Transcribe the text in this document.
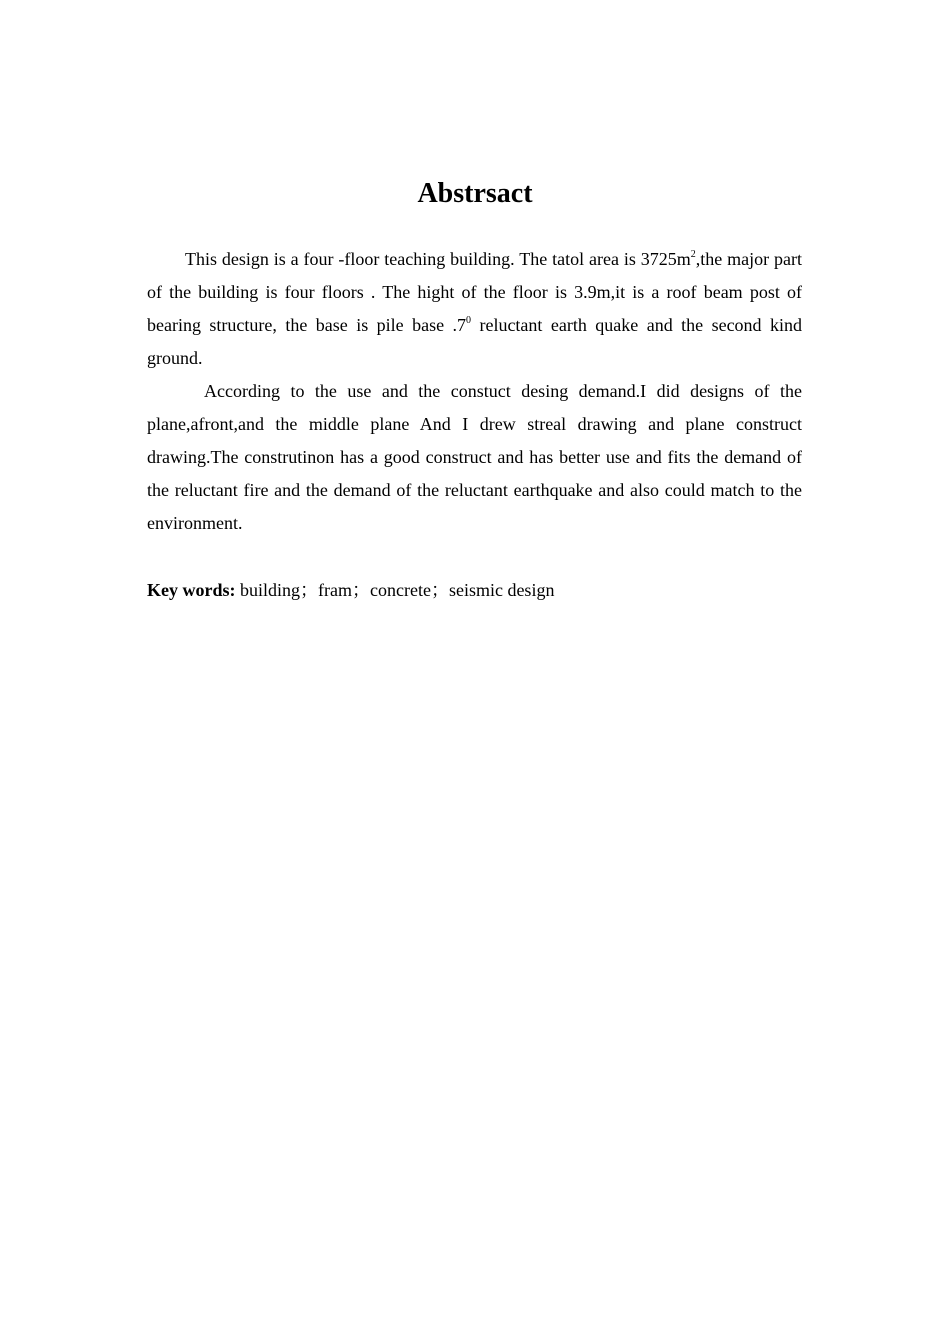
Abstrsact

This design is a four -floor teaching building. The tatol area is $3725m^2,the$ major part of the building is four floors . The hight of the floor is 3.9m,it is a roof beam post of bearing structure, the base is pile base $.7^0$ reluctant earth quake and the second kind ground.

According to the use and the constuct desing demand.I did designs of the plane,afront,and the middle plane And I drew streal drawing and plane construct drawing.The construtinon has a good construct and has better use and fits the demand of the reluctant fire and the demand of the reluctant earthquake and also could match to the environment.

Key words: building；fram；concrete；seismic design
